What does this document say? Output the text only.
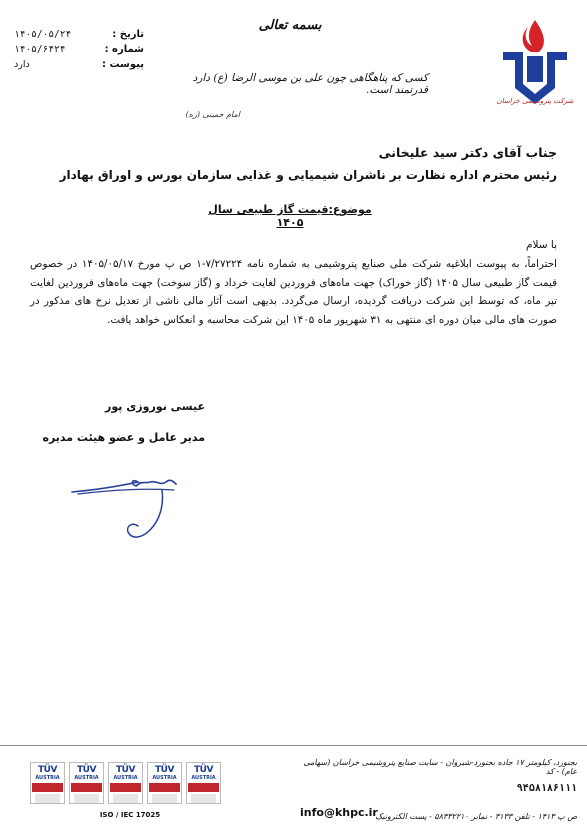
تاریخ :
۱۴۰۵/۰۵/۲۴
شماره :
۱۴۰۵/۶۴۲۴
پیوست :
دارد
بسمه تعالی
کسی که پناهگاهی چون علی بن موسی الرضا (ع) دارد قدرتمند است.
امام خمینی (ره)
شرکت پتروشیمی خراسان
جناب آقای دکتر سید علیخانی
رئیس محترم اداره نظارت بر ناشران شیمیایی و غذایی سازمان بورس و اوراق بهادار
موضوع:قیمت گاز طبیعی سال ۱۴۰۵
با سلام
احتراماً، به پیوست ابلاغیه شرکت ملی صنایع پتروشیمی به شماره نامه ۷/۲۷۲۲۴-۱ ص پ مورخ ۱۴۰۵/۰۵/۱۷ در خصوص قیمت گاز طبیعی سال ۱۴۰۵ (گاز خوراک) جهت ماه‌های فروردین لغایت خرداد و (گاز سوخت) جهت ماه‌های فروردین لغایت تیر ماه، که توسط این شرکت دریافت گردیده، ارسال می‌گردد. بدیهی است آثار مالی ناشی از تعدیل نرخ های مذکور در صورت های مالی میان دوره ای منتهی به ۳۱ شهریور ماه ۱۴۰۵ این شرکت محاسبه و انعکاس خواهد یافت.
عیسی نوروزی پور
مدیر عامل و عضو هیئت مدیره
TÜV
AUSTRIA
TÜV
AUSTRIA
TÜV
AUSTRIA
TÜV
AUSTRIA
TÜV
AUSTRIA
ISO / IEC 17025
بجنورد، کیلومتر ۱۷ جاده بجنورد-شیروان - سایت صنایع پتروشیمی خراسان (سهامی عام) - کد
۹۴۵۸۱۸۶۱۱۱
ص پ ۱۴۱۳ - تلفن ۳۱۳۳ - نمابر ۵۸۳۳۲۲۱۰ - پست الکترونیک
info@khpc.ir
